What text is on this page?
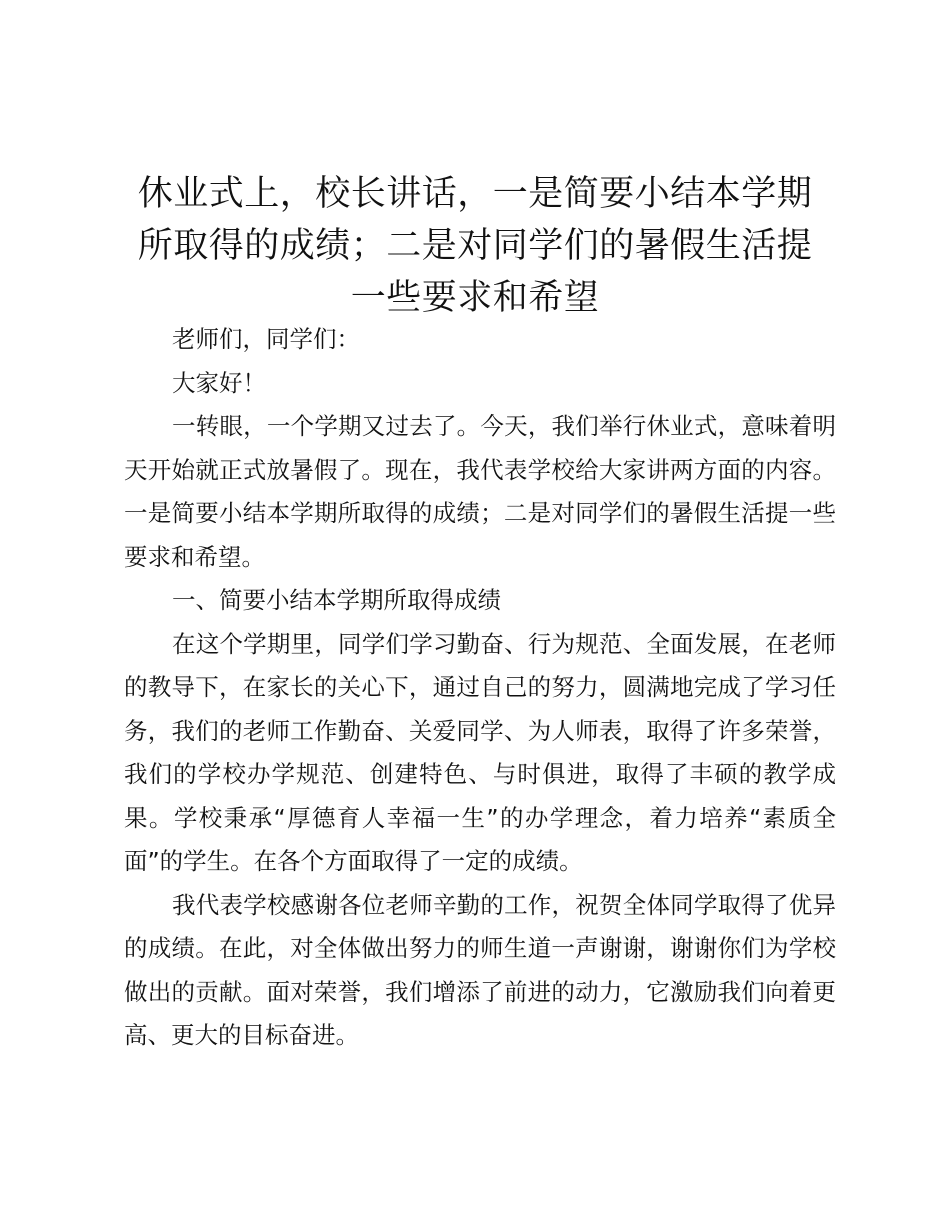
休业式上，校长讲话，一是简要小结本学期所取得的成绩；二是对同学们的暑假生活提一些要求和希望

老师们，同学们：

大家好！

一转眼，一个学期又过去了。今天，我们举行休业式，意味着明天开始就正式放暑假了。现在，我代表学校给大家讲两方面的内容。一是简要小结本学期所取得的成绩；二是对同学们的暑假生活提一些要求和希望。

一、简要小结本学期所取得成绩

在这个学期里，同学们学习勤奋、行为规范、全面发展，在老师的教导下，在家长的关心下，通过自己的努力，圆满地完成了学习任务，我们的老师工作勤奋、关爱同学、为人师表，取得了许多荣誉，我们的学校办学规范、创建特色、与时俱进，取得了丰硕的教学成果。学校秉承“厚德育人幸福一生”的办学理念，着力培养“素质全面”的学生。在各个方面取得了一定的成绩。

我代表学校感谢各位老师辛勤的工作，祝贺全体同学取得了优异的成绩。在此，对全体做出努力的师生道一声谢谢，谢谢你们为学校做出的贡献。面对荣誉，我们增添了前进的动力，它激励我们向着更高、更大的目标奋进。
